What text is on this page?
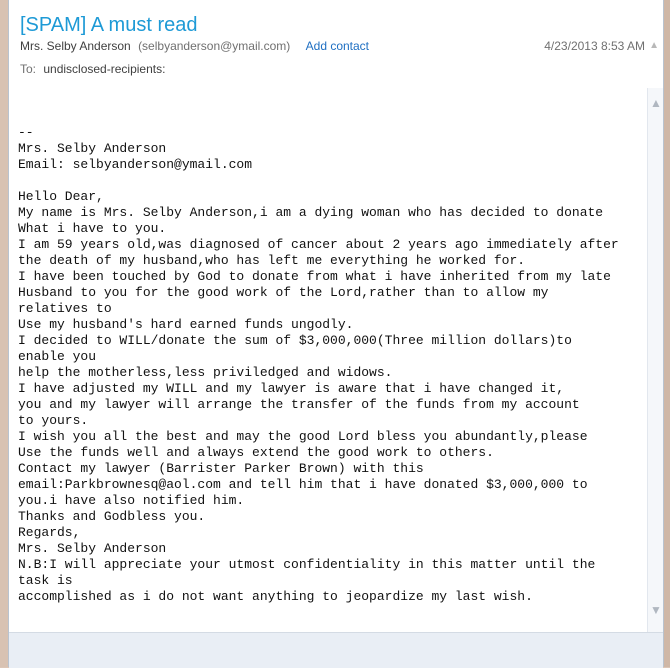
[SPAM] A must read
Mrs. Selby Anderson (selbyanderson@ymail.com) Add contact	4/23/2013 8:53 AM ▲
To: undisclosed-recipients:
--
Mrs. Selby Anderson
Email: selbyanderson@ymail.com

Hello Dear,
My name is Mrs. Selby Anderson,i am a dying woman who has decided to donate
What i have to you.
I am 59 years old,was diagnosed of cancer about 2 years ago immediately after
the death of my husband,who has left me everything he worked for.
I have been touched by God to donate from what i have inherited from my late
Husband to you for the good work of the Lord,rather than to allow my
relatives to
Use my husband's hard earned funds ungodly.
I decided to WILL/donate the sum of $3,000,000(Three million dollars)to
enable you
help the motherless,less priviledged and widows.
I have adjusted my WILL and my lawyer is aware that i have changed it,
you and my lawyer will arrange the transfer of the funds from my account
to yours.
I wish you all the best and may the good Lord bless you abundantly,please
Use the funds well and always extend the good work to others.
Contact my lawyer (Barrister Parker Brown) with this
email:Parkbrownesq@aol.com and tell him that i have donated $3,000,000 to
you.i have also notified him.
Thanks and Godbless you.
Regards,
Mrs. Selby Anderson
N.B:I will appreciate your utmost confidentiality in this matter until the
task is
accomplished as i do not want anything to jeopardize my last wish.
▲
▼
